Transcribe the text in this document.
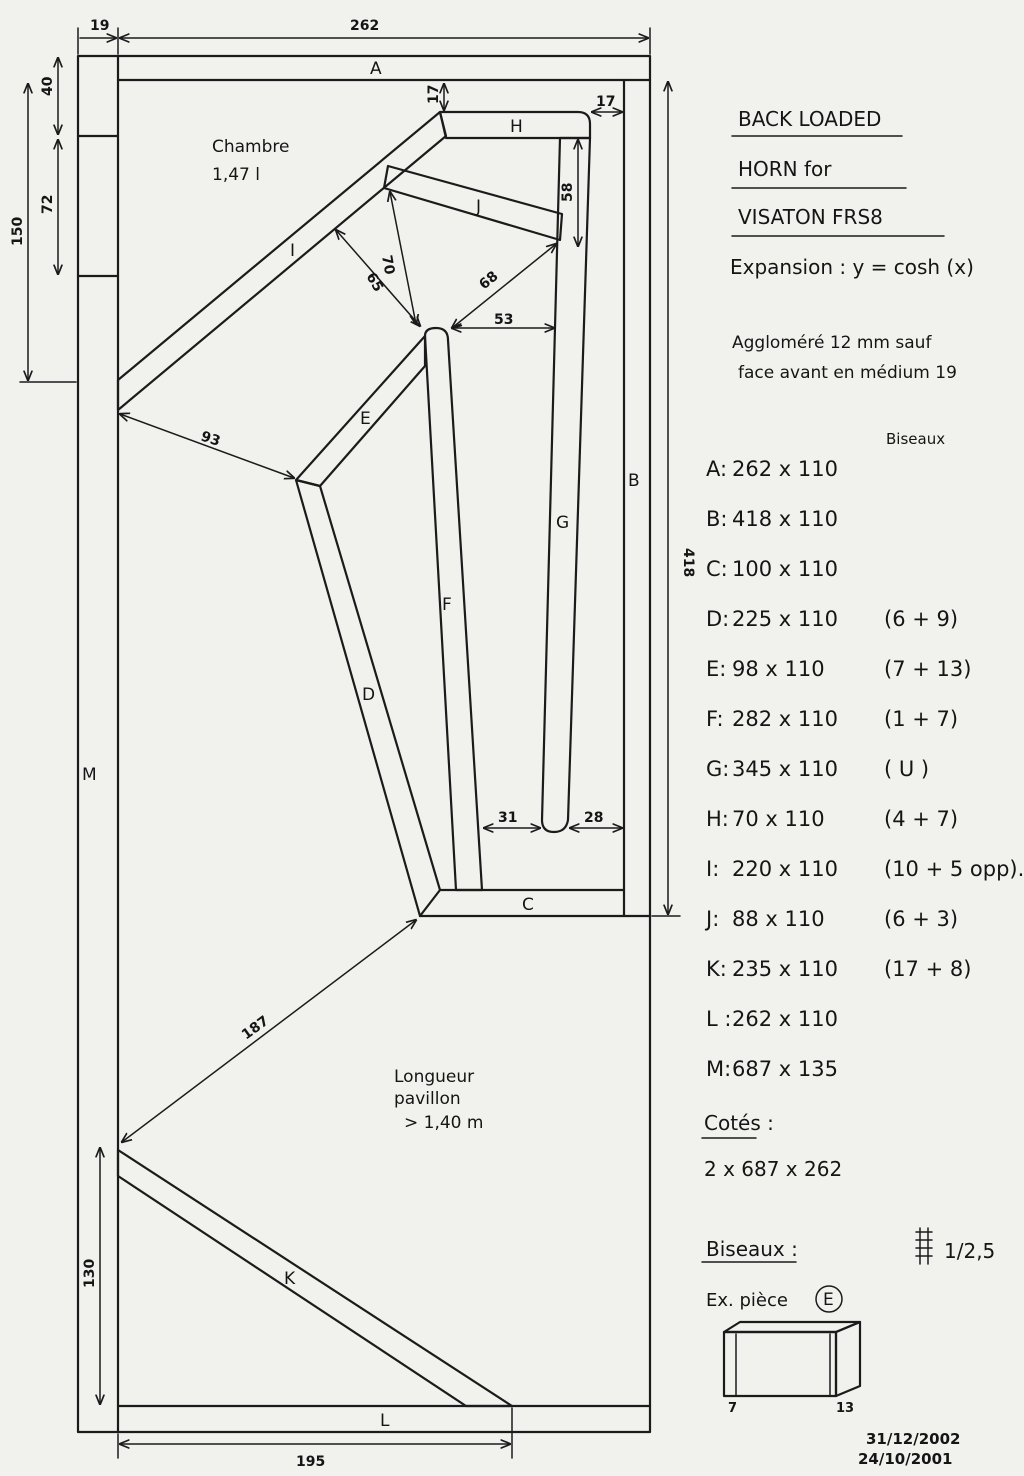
A
B
C
D
E
F
G
H
I
J
K
L
M
262
19
40
72
150
17	17
58
65
70
68
53
93
418
31	28
187
130
195
Chambre
1,47 l
Longueur
pavillon
> 1,40 m
BACK LOADED
HORN for
VISATON FRS8
Expansion : y = cosh (x)
Aggloméré 12 mm sauf
face avant en médium 19
Biseaux
A: 262 x 110
B: 418 x 110
C: 100 x 110
D: 225 x 110 (6 + 9)
E: 98 x 110	(7 + 13)
F: 282 x 110 (1 + 7)
G: 345 x 110 ( U )
H: 70 x 110	(4 + 7)
I: 220 x 110 (10 + 5 opp).
J: 88 x 110	(6 + 3)
K: 235 x 110 (17 + 8)
L : 262 x 110
M: 687 x 135
Cotés :
2 x 687 x 262
Biseaux :	1/2,5
Ex. pièce E
7	13
31/12/2002
24/10/2001
